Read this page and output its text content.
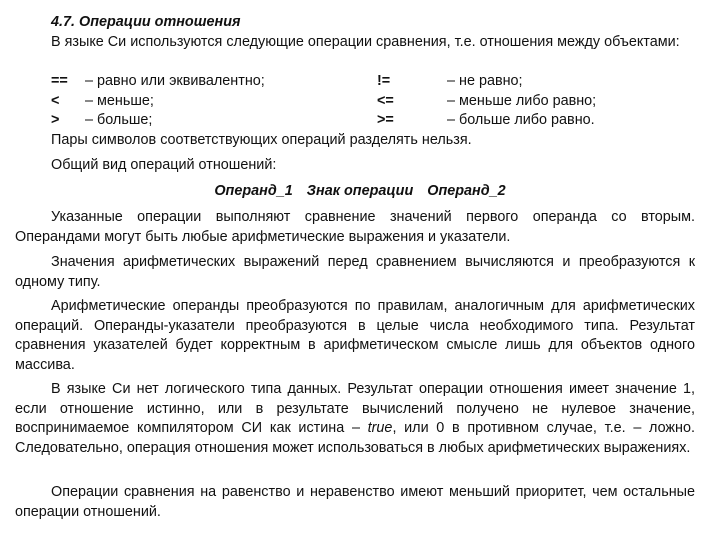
4.7. Операции отношения

В языке Си используются следующие операции сравнения, т.е. отношения между объектами:

== – равно или эквивалентно;	!=	– не равно;
< – меньше;	<=	– меньше либо равно;
> – больше;	>=	– больше либо равно.

Пары символов соответствующих операций разделять нельзя.

Общий вид операций отношений:

Операнд_1 Знак операции Операнд_2

Указанные операции выполняют сравнение значений первого операнда со вторым. Операндами могут быть любые арифметические выражения и указатели.

Значения арифметических выражений перед сравнением вычисляются и преобразуются к одному типу.

Арифметические операнды преобразуются по правилам, аналогичным для арифметических операций. Операнды-указатели преобразуются в целые числа необходимого типа. Результат сравнения указателей будет корректным в арифметическом смысле лишь для объектов одного массива.

В языке Си нет логического типа данных. Результат операции отношения имеет значение 1, если отношение истинно, или в результате вычислений получено не нулевое значение, воспринимаемое компилятором СИ как истина – true, или 0 в противном случае, т.е. – ложно. Следовательно, операция отношения может использоваться в любых арифметических выражениях.

Операции сравнения на равенство и неравенство имеют меньший приоритет, чем остальные операции отношений.
